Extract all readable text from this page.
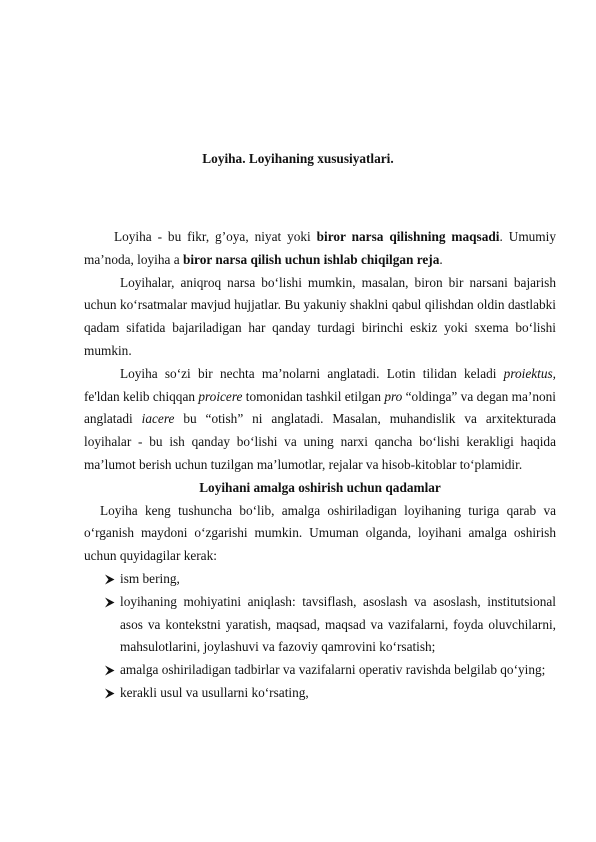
Loyiha. Loyihaning xususiyatlari.

Loyiha - bu fikr, g’oya, niyat yoki biror narsa qilishning maqsadi. Umumiy ma’noda, loyiha a biror narsa qilish uchun ishlab chiqilgan reja.

Loyihalar, aniqroq narsa bo‘lishi mumkin, masalan, biron bir narsani bajarish uchun ko‘rsatmalar mavjud hujjatlar. Bu yakuniy shaklni qabul qilishdan oldin dastlabki qadam sifatida bajariladigan har qanday turdagi birinchi eskiz yoki sxema bo‘lishi mumkin.

Loyiha so‘zi bir nechta ma’nolarni anglatadi. Lotin tilidan keladi proiektus, fe'ldan kelib chiqqan proicere tomonidan tashkil etilgan pro “oldinga” va degan ma’noni anglatadi iacere bu “otish” ni anglatadi. Masalan, muhandislik va arxitekturada loyihalar - bu ish qanday bo‘lishi va uning narxi qancha bo‘lishi kerakligi haqida ma’lumot berish uchun tuzilgan ma’lumotlar, rejalar va hisob-kitoblar to‘plamidir.

Loyihani amalga oshirish uchun qadamlar

Loyiha keng tushuncha bo‘lib, amalga oshiriladigan loyihaning turiga qarab va o‘rganish maydoni o‘zgarishi mumkin. Umuman olganda, loyihani amalga oshirish uchun quyidagilar kerak:

ism bering,
loyihaning mohiyatini aniqlash: tavsiflash, asoslash va asoslash, institutsional asos va kontekstni yaratish, maqsad, maqsad va vazifalarni, foyda oluvchilarni, mahsulotlarini, joylashuvi va fazoviy qamrovini ko‘rsatish;
amalga oshiriladigan tadbirlar va vazifalarni operativ ravishda belgilab qo‘ying;
kerakli usul va usullarni ko‘rsating,
